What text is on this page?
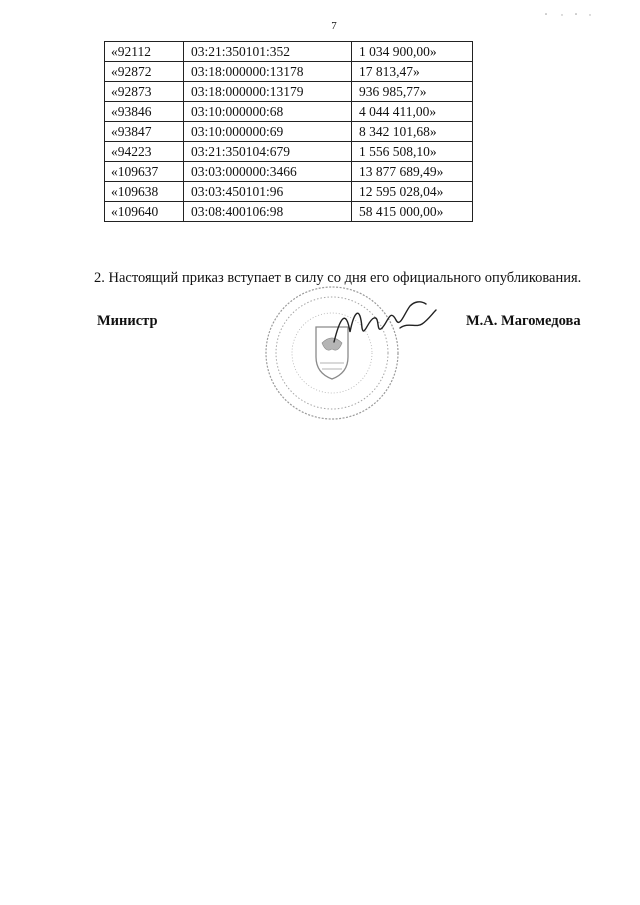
7
«92112	03:21:350101:352	1 034 900,00»
«92872	03:18:000000:13178	17 813,47»
«92873	03:18:000000:13179	936 985,77»
«93846	03:10:000000:68	4 044 411,00»
«93847	03:10:000000:69	8 342 101,68»
«94223	03:21:350104:679	1 556 508,10»
«109637	03:03:000000:3466	13 877 689,49»
«109638	03:03:450101:96	12 595 028,04»
«109640	03:08:400106:98	58 415 000,00»
2. Настоящий приказ вступает в силу со дня его официального опубликования.
Министр	М.А. Магомедова
